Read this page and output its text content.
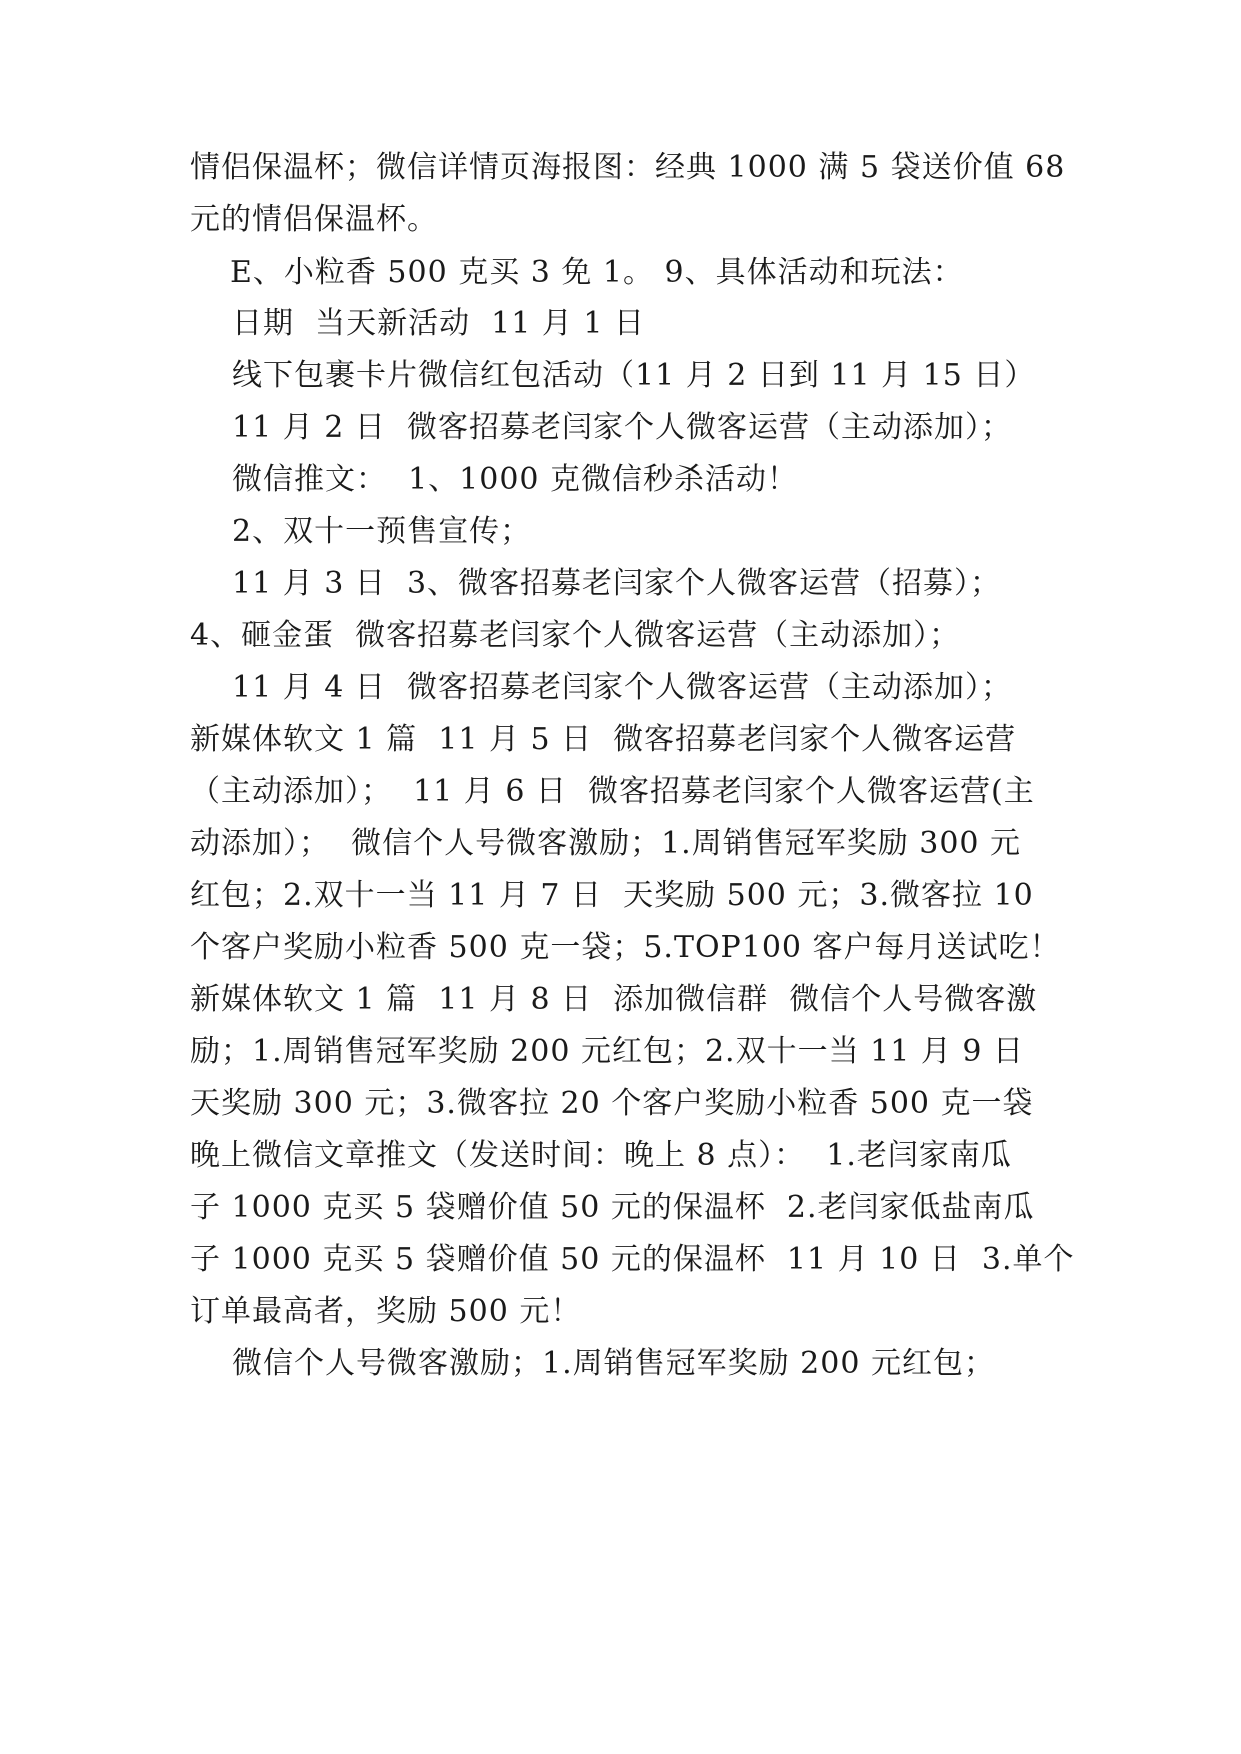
情侣保温杯；微信详情页海报图：经典 1000 满 5 袋送价值 68
元的情侣保温杯。
E、小粒香 500 克买 3 免 1。 9、具体活动和玩法：
日期  当天新活动  11 月 1 日
线下包裹卡片微信红包活动（11 月 2 日到 11 月 15 日）
11 月 2 日  微客招募老闫家个人微客运营（主动添加）；
微信推文：  1、1000 克微信秒杀活动！
2、双十一预售宣传；
11 月 3 日  3、微客招募老闫家个人微客运营（招募）；
4、砸金蛋  微客招募老闫家个人微客运营（主动添加）；
11 月 4 日  微客招募老闫家个人微客运营（主动添加）；
新媒体软文 1 篇  11 月 5 日  微客招募老闫家个人微客运营
（主动添加）；  11 月 6 日  微客招募老闫家个人微客运营(主
动添加）；  微信个人号微客激励；1.周销售冠军奖励 300 元
红包；2.双十一当 11 月 7 日  天奖励 500 元；3.微客拉 10
个客户奖励小粒香 500 克一袋；5.TOP100 客户每月送试吃！
新媒体软文 1 篇  11 月 8 日  添加微信群  微信个人号微客激
励；1.周销售冠军奖励 200 元红包；2.双十一当 11 月 9 日
天奖励 300 元；3.微客拉 20 个客户奖励小粒香 500 克一袋
晚上微信文章推文（发送时间：晚上 8 点）：  1.老闫家南瓜
子 1000 克买 5 袋赠价值 50 元的保温杯  2.老闫家低盐南瓜
子 1000 克买 5 袋赠价值 50 元的保温杯  11 月 10 日  3.单个
订单最高者，奖励 500 元！
微信个人号微客激励；1.周销售冠军奖励 200 元红包；
